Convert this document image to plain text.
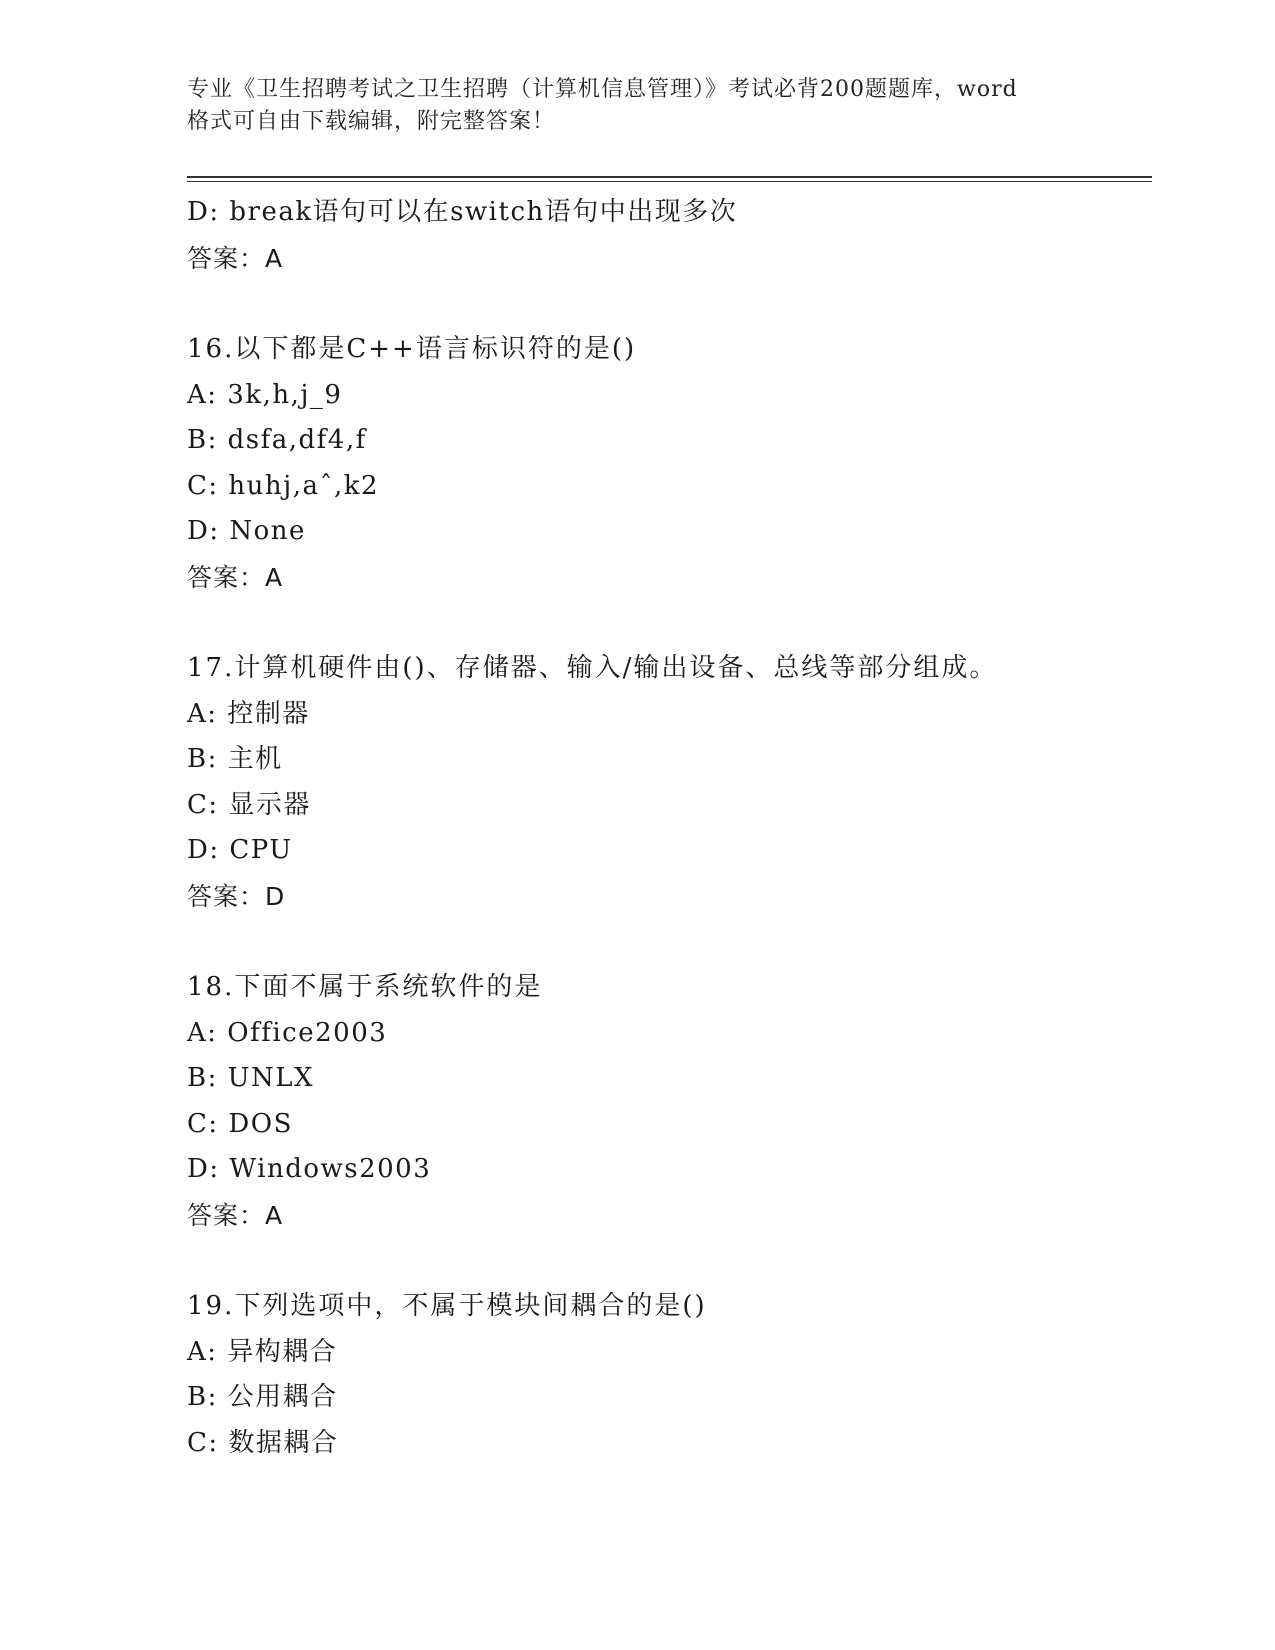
专业《卫生招聘考试之卫生招聘（计算机信息管理）》考试必背200题题库，word
格式可自由下载编辑，附完整答案！
D: break语句可以在switch语句中出现多次
答案：A
16.以下都是C++语言标识符的是()
A: 3k,h,j_9
B: dsfa,df4,f
C: huhj,aˆ,k2
D: None
答案：A
17.计算机硬件由()、存储器、输入/输出设备、总线等部分组成。
A: 控制器
B: 主机
C: 显示器
D: CPU
答案：D
18.下面不属于系统软件的是
A: Office2003
B: UNLX
C: DOS
D: Windows2003
答案：A
19.下列选项中，不属于模块间耦合的是()
A: 异构耦合
B: 公用耦合
C: 数据耦合
